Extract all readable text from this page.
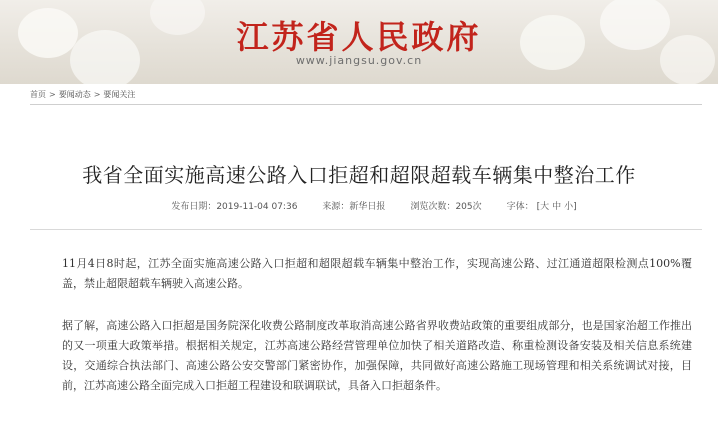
江苏省人民政府
www.jiangsu.gov.cn
首页 > 要闻动态 > 要闻关注
我省全面实施高速公路入口拒超和超限超载车辆集中整治工作
发布日期：2019-11-04 07:36	来源：新华日报	浏览次数：205次	字体： [大 中 小]
11月4日8时起，江苏全面实施高速公路入口拒超和超限超载车辆集中整治工作，实现高速公路、过江通道超限检测点100%覆盖，禁止超限超载车辆驶入高速公路。
据了解，高速公路入口拒超是国务院深化收费公路制度改革取消高速公路省界收费站政策的重要组成部分，也是国家治超工作推出的又一项重大政策举措。根据相关规定，江苏高速公路经营管理单位加快了相关道路改造、称重检测设备安装及相关信息系统建设，交通综合执法部门、高速公路公安交警部门紧密协作，加强保障，共同做好高速公路施工现场管理和相关系统调试对接，目前，江苏高速公路全面完成入口拒超工程建设和联调联试，具备入口拒超条件。
